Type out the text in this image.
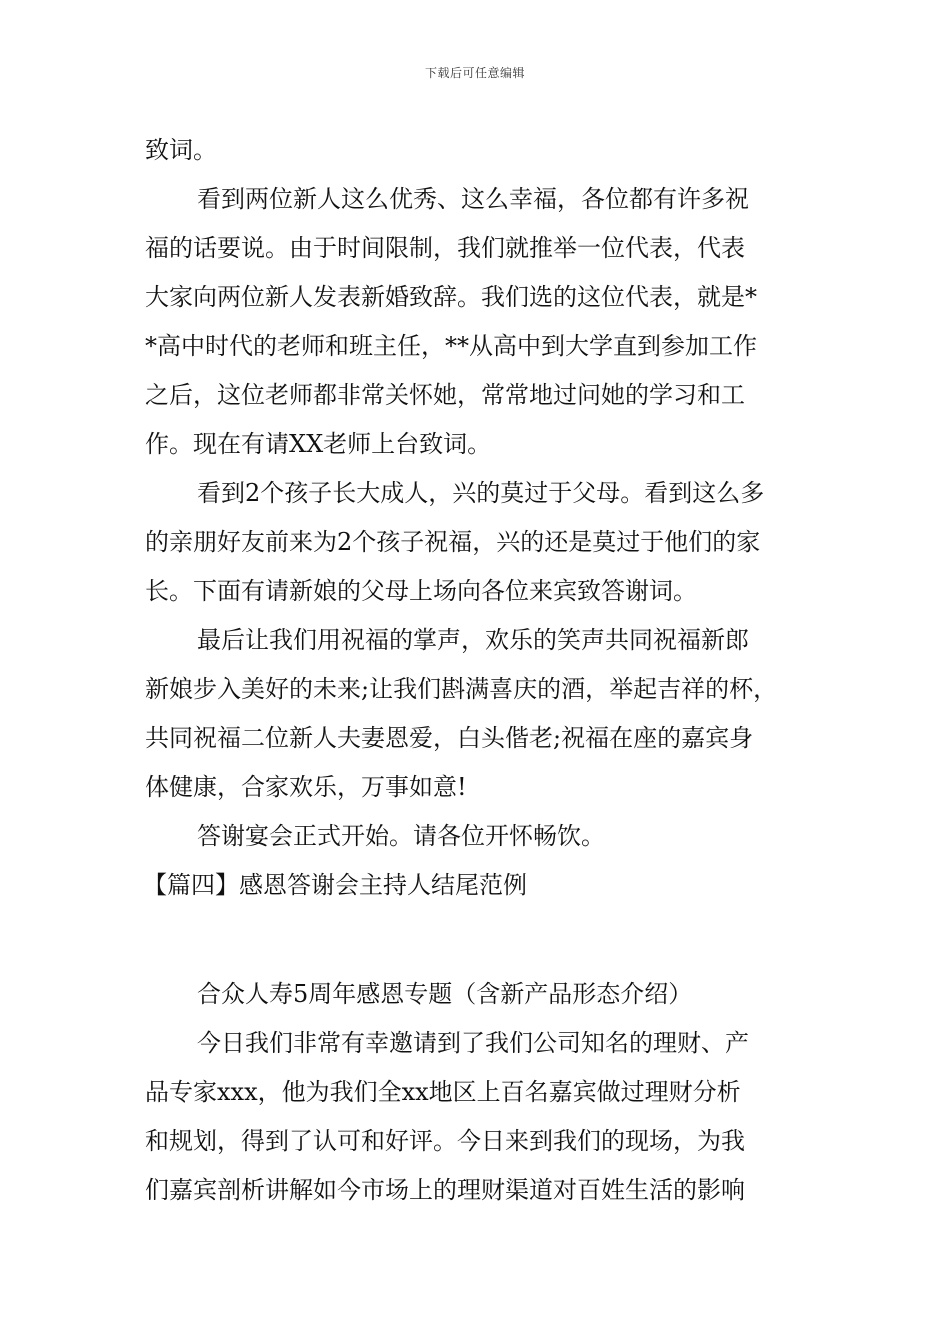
下载后可任意编辑
致词。
看到两位新人这么优秀、这么幸福，各位都有许多祝
福的话要说。由于时间限制，我们就推举一位代表，代表
大家向两位新人发表新婚致辞。我们选的这位代表，就是*
*高中时代的老师和班主任，**从高中到大学直到参加工作
之后，这位老师都非常关怀她，常常地过问她的学习和工
作。现在有请XX老师上台致词。
看到2个孩子长大成人，兴的莫过于父母。看到这么多
的亲朋好友前来为2个孩子祝福，兴的还是莫过于他们的家
长。下面有请新娘的父母上场向各位来宾致答谢词。
最后让我们用祝福的掌声，欢乐的笑声共同祝福新郎
新娘步入美好的未来;让我们斟满喜庆的酒，举起吉祥的杯，
共同祝福二位新人夫妻恩爱，白头偕老;祝福在座的嘉宾身
体健康，合家欢乐，万事如意!
答谢宴会正式开始。请各位开怀畅饮。
【篇四】感恩答谢会主持人结尾范例
合众人寿5周年感恩专题（含新产品形态介绍）
今日我们非常有幸邀请到了我们公司知名的理财、产
品专家xxx，他为我们全xx地区上百名嘉宾做过理财分析
和规划，得到了认可和好评。今日来到我们的现场，为我
们嘉宾剖析讲解如今市场上的理财渠道对百姓生活的影响
